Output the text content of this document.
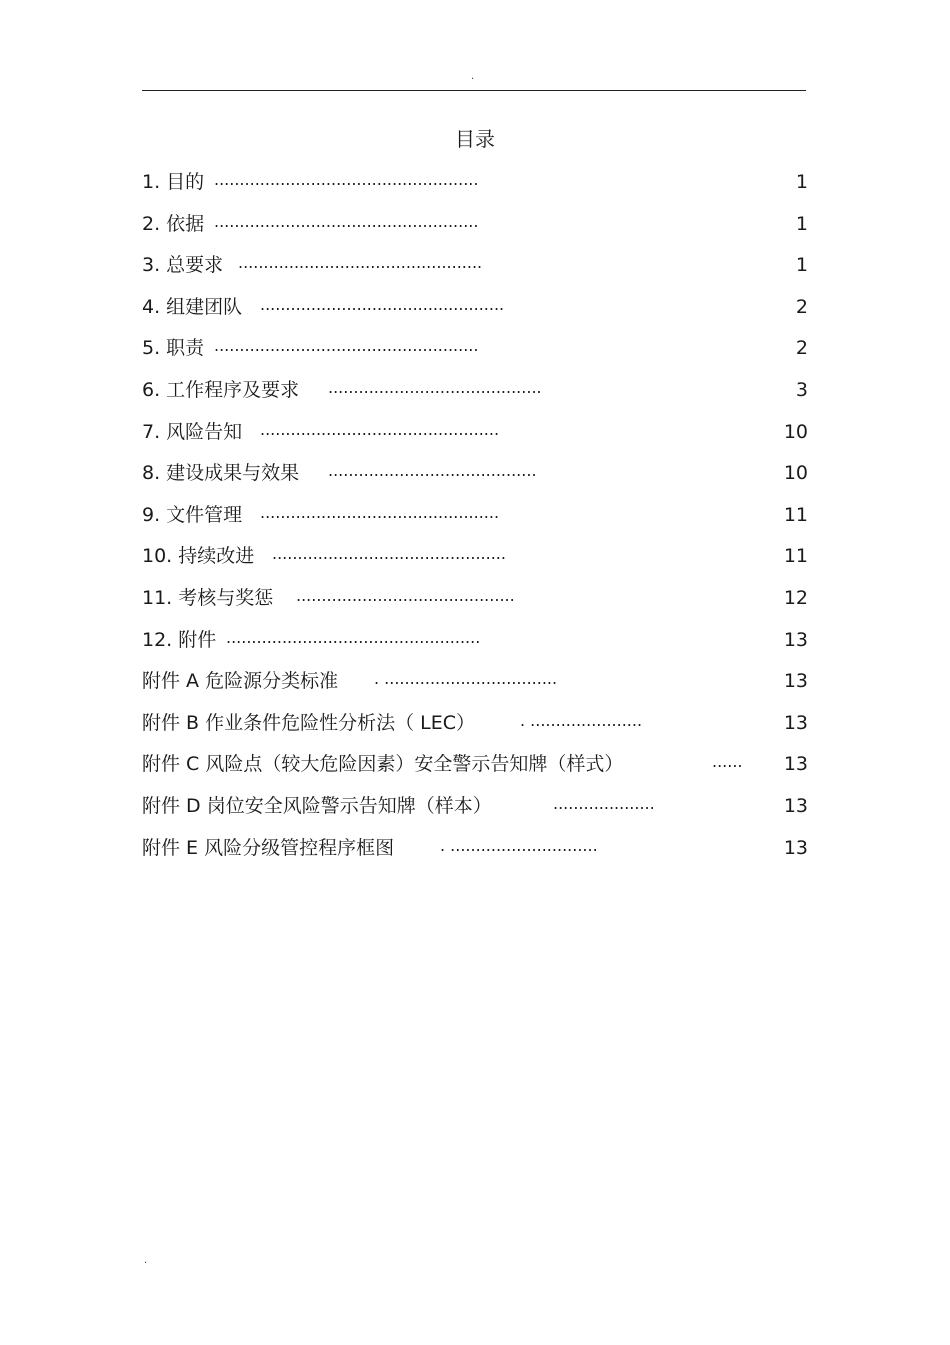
.
目录
1. 目的 ....................................................	1
2. 依据 ....................................................	1
3. 总要求 ................................................	1
4. 组建团队 ................................................	2
5. 职责 ....................................................	2
6. 工作程序及要求 ..........................................	3
7. 风险告知 ...............................................	10
8. 建设成果与效果 .........................................	10
9. 文件管理 ...............................................	11
10. 持续改进 ..............................................	11
11. 考核与奖惩 ...........................................	12
12. 附件 ..................................................	13
附件 A 危险源分类标准 . ..................................	13
附件 B 作业条件危险性分析法（ LEC）	. ......................	13
附件 C 风险点（较大危险因素）安全警示告知牌（样式）	...... 13
附件 D 岗位安全风险警示告知牌（样本）	....................	13
附件 E 风险分级管控程序框图	. .............................	13
.
